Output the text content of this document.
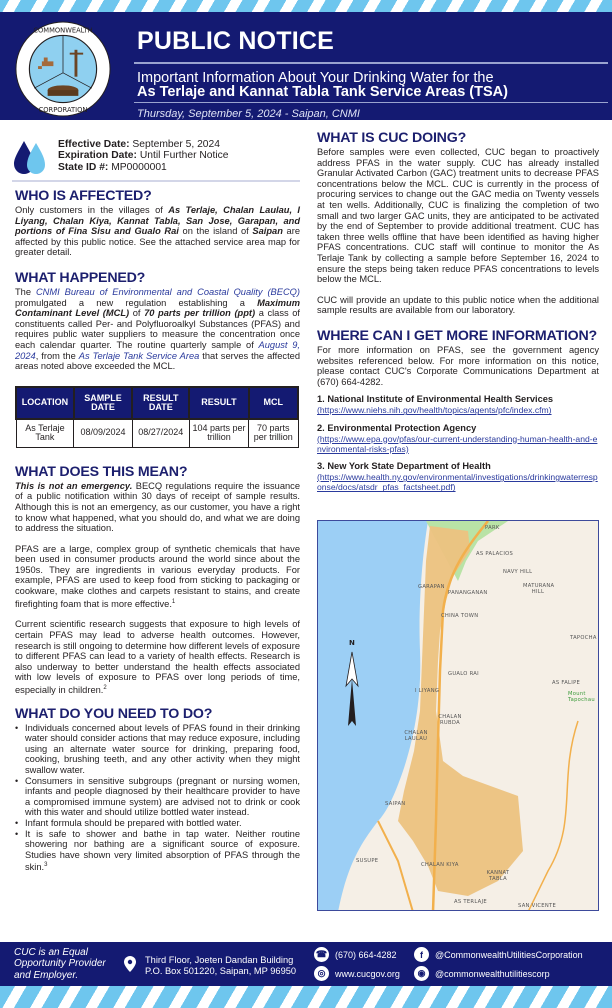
COMMONWEALTH
CORPORATION
PUBLIC NOTICE
Important Information About Your Drinking Water for the
As Terlaje and Kannat Tabla Tank Service Areas (TSA)
Thursday, September 5, 2024 - Saipan, CNMI
Effective Date: September 5, 2024
Expiration Date: Until Further Notice
State ID #: MP0000001
WHO IS AFFECTED?

Only customers in the villages of As Terlaje, Chalan Laulau, I Liyang, Chalan Kiya, Kannat Tabla, San Jose, Garapan, and portions of Fina Sisu and Gualo Rai on the island of Saipan are affected by this public notice. See the attached service area map for greater detail.

WHAT HAPPENED?

The CNMI Bureau of Environmental and Coastal Quality (BECQ) promulgated a new regulation establishing a Maximum Contaminant Level (MCL) of 70 parts per trillion (ppt) a class of constituents called Per- and Polyfluoroalkyl Substances (PFAS) and requires public water suppliers to measure the concentration once each calendar quarter. The routine quarterly sample of August 9, 2024, from the As Terlaje Tank Service Area that serves the affected areas noted above exceeded the MCL.

LOCATION	SAMPLE DATE	RESULT DATE	RESULT	MCL
As Terlaje Tank	08/09/2024	08/27/2024	104 parts per trillion	70 parts per trillion
WHAT DOES THIS MEAN?

This is not an emergency. BECQ regulations require the issuance of a public notification within 30 days of receipt of sample results. Although this is not an emergency, as our customer, you have a right to know what happened, what you should do, and what we are doing to address the situation.

PFAS are a large, complex group of synthetic chemicals that have been used in consumer products around the world since about the 1950s. They are ingredients in various everyday products. For example, PFAS are used to keep food from sticking to packaging or cookware, make clothes and carpets resistant to stains, and create firefighting foam that is more effective.$^1$

Current scientific research suggests that exposure to high levels of certain PFAS may lead to adverse health outcomes. However, research is still ongoing to determine how different levels of exposure to different PFAS can lead to a variety of health effects. Research is also underway to better understand the health effects associated with low levels of exposure to PFAS over long periods of time, especially in children.$^2$

WHAT DO YOU NEED TO DO?
• Individuals concerned about levels of PFAS found in their drinking water should consider actions that may reduce exposure, including using an alternate water source for drinking, preparing food, cooking, brushing teeth, and any other activity when they might swallow water.
• Consumers in sensitive subgroups (pregnant or nursing women, infants and people diagnosed by their healthcare provider to have a compromised immune system) are advised not to drink or cook with this water and should utilize bottled water instead.
• Infant formula should be prepared with bottled water.
• It is safe to shower and bathe in tap water. Neither routine showering nor bathing are a significant source of exposure. Studies have shown very limited absorption of PFAS through the skin.$^3$
WHAT IS CUC DOING?

Before samples were even collected, CUC began to proactively address PFAS in the water supply. CUC has already installed Granular Activated Carbon (GAC) treatment units to decrease PFAS concentrations below the MCL. CUC is currently in the process of procuring services to change out the GAC media on Twenty vessels at ten wells. Additionally, CUC is finalizing the completion of two small and two larger GAC units, they are anticipated to be activated by the end of September to provide additional treatment. CUC has taken three wells offline that have been identified as having higher PFAS concentrations. CUC staff will continue to monitor the As Terlaje Tank by collecting a sample before September 16, 2024 to ensure the steps being taken reduce PFAS concentrations to levels below the MCL.

CUC will provide an update to this public notice when the additional sample results are available from our laboratory.

WHERE CAN I GET MORE INFORMATION?

For more information on PFAS, see the government agency websites referenced below. For more information on this notice, please contact CUC's Corporate Communications Department at (670) 664-4282.

1. National Institute of Environmental Health Services
(https://www.niehs.nih.gov/health/topics/agents/pfc/index.cfm)
2. Environmental Protection Agency
(https://www.epa.gov/pfas/our-current-understanding-human-health-and-environmental-risks-pfas)
3. New York State Department of Health
(https://www.health.ny.gov/environmental/investigations/drinkingwaterresponse/docs/atsdr_pfas_factsheet.pdf)
N
PARK
AS PALACIOS
NAVY HILL
MATURANA HILL
GARAPAN
PANANGANAN
CHINA TOWN
TAPOCHA
GUALO RAI
I LIYANG
AS FALIPE
Mount Tapochau
CHALAN RUBDA
CHALAN LAULAU
SAIPAN
SUSUPE
CHALAN KIYA
KANNAT TABLA
AS TERLAJE
SAN VICENTE
CUC is an Equal Opportunity Provider and Employer.
Third Floor, Joeten Dandan Building
P.O. Box 501220, Saipan, MP 96950
☎ (670) 664-4282
◎	www.cucgov.org
f	@CommonwealthUtilitiesCorporation
◉	@commonwealthutilitiescorp
